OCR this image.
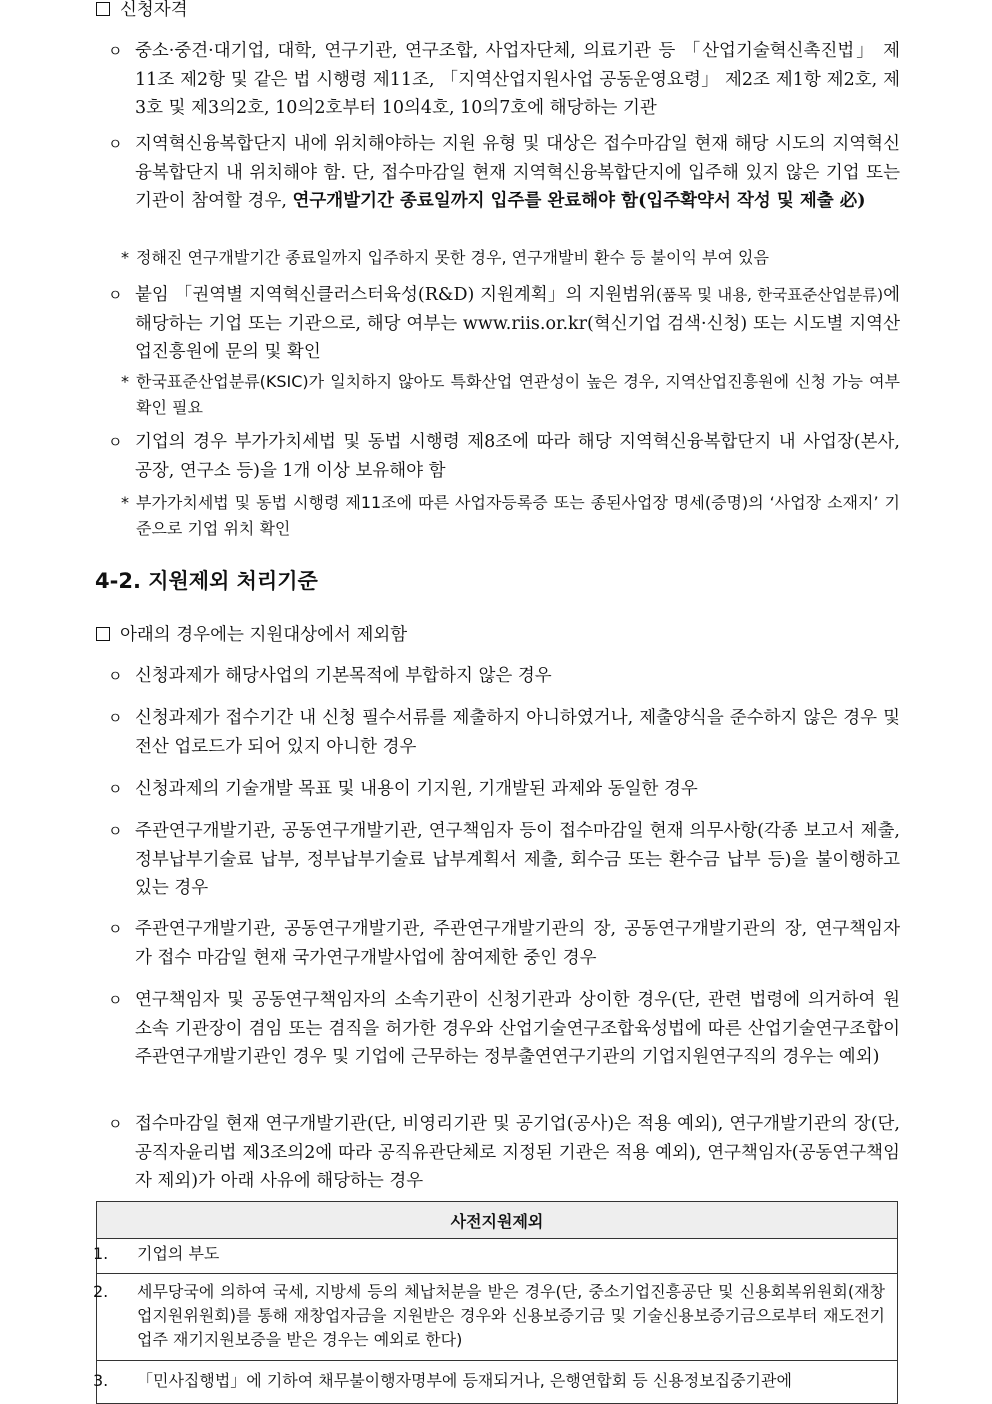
신청자격
ㅇ 중소·중견·대기업, 대학, 연구기관, 연구조합, 사업자단체, 의료기관 등 「산업기술혁신촉진법」 제11조 제2항 및 같은 법 시행령 제11조, 「지역산업지원사업 공동운영요령」 제2조 제1항 제2호, 제3호 및 제3의2호, 10의2호부터 10의4호, 10의7호에 해당하는 기관
ㅇ 지역혁신융복합단지 내에 위치해야하는 지원 유형 및 대상은 접수마감일 현재 해당 시도의 지역혁신융복합단지 내 위치해야 함. 단, 접수마감일 현재 지역혁신융복합단지에 입주해 있지 않은 기업 또는 기관이 참여할 경우, 연구개발기간 종료일까지 입주를 완료해야 함(입주확약서 작성 및 제출 必)
* 정해진 연구개발기간 종료일까지 입주하지 못한 경우, 연구개발비 환수 등 불이익 부여 있음
ㅇ 붙임 「권역별 지역혁신클러스터육성(R&D) 지원계획」의 지원범위(품목 및 내용, 한국표준산업분류)에 해당하는 기업 또는 기관으로, 해당 여부는 www.riis.or.kr(혁신기업 검색·신청) 또는 시도별 지역산업진흥원에 문의 및 확인
* 한국표준산업분류(KSIC)가 일치하지 않아도 특화산업 연관성이 높은 경우, 지역산업진흥원에 신청 가능 여부 확인 필요
ㅇ 기업의 경우 부가가치세법 및 동법 시행령 제8조에 따라 해당 지역혁신융복합단지 내 사업장(본사, 공장, 연구소 등)을 1개 이상 보유해야 함
* 부가가치세법 및 동법 시행령 제11조에 따른 사업자등록증 또는 종된사업장 명세(증명)의 ‘사업장 소재지’ 기준으로 기업 위치 확인
4-2. 지원제외 처리기준
아래의 경우에는 지원대상에서 제외함
ㅇ 신청과제가 해당사업의 기본목적에 부합하지 않은 경우
ㅇ 신청과제가 접수기간 내 신청 필수서류를 제출하지 아니하였거나, 제출양식을 준수하지 않은 경우 및 전산 업로드가 되어 있지 아니한 경우
ㅇ 신청과제의 기술개발 목표 및 내용이 기지원, 기개발된 과제와 동일한 경우
ㅇ 주관연구개발기관, 공동연구개발기관, 연구책임자 등이 접수마감일 현재 의무사항(각종 보고서 제출, 정부납부기술료 납부, 정부납부기술료 납부계획서 제출, 회수금 또는 환수금 납부 등)을 불이행하고 있는 경우
ㅇ 주관연구개발기관, 공동연구개발기관, 주관연구개발기관의 장, 공동연구개발기관의 장, 연구책임자가 접수 마감일 현재 국가연구개발사업에 참여제한 중인 경우
ㅇ 연구책임자 및 공동연구책임자의 소속기관이 신청기관과 상이한 경우(단, 관련 법령에 의거하여 원 소속 기관장이 겸임 또는 겸직을 허가한 경우와 산업기술연구조합육성법에 따른 산업기술연구조합이 주관연구개발기관인 경우 및 기업에 근무하는 정부출연연구기관의 기업지원연구직의 경우는 예외)
ㅇ 접수마감일 현재 연구개발기관(단, 비영리기관 및 공기업(공사)은 적용 예외), 연구개발기관의 장(단, 공직자윤리법 제3조의2에 따라 공직유관단체로 지정된 기관은 적용 예외), 연구책임자(공동연구책임자 제외)가 아래 사유에 해당하는 경우
사전지원제외

1. 기업의 부도

2. 세무당국에 의하여 국세, 지방세 등의 체납처분을 받은 경우(단, 중소기업진흥공단 및 신용회복위원회(재창업지원위원회)를 통해 재창업자금을 지원받은 경우와 신용보증기금 및 기술신용보증기금으로부터 재도전기업주 재기지원보증을 받은 경우는 예외로 한다)

3. 「민사집행법」에 기하여 채무불이행자명부에 등재되거나, 은행연합회 등 신용정보집중기관에
